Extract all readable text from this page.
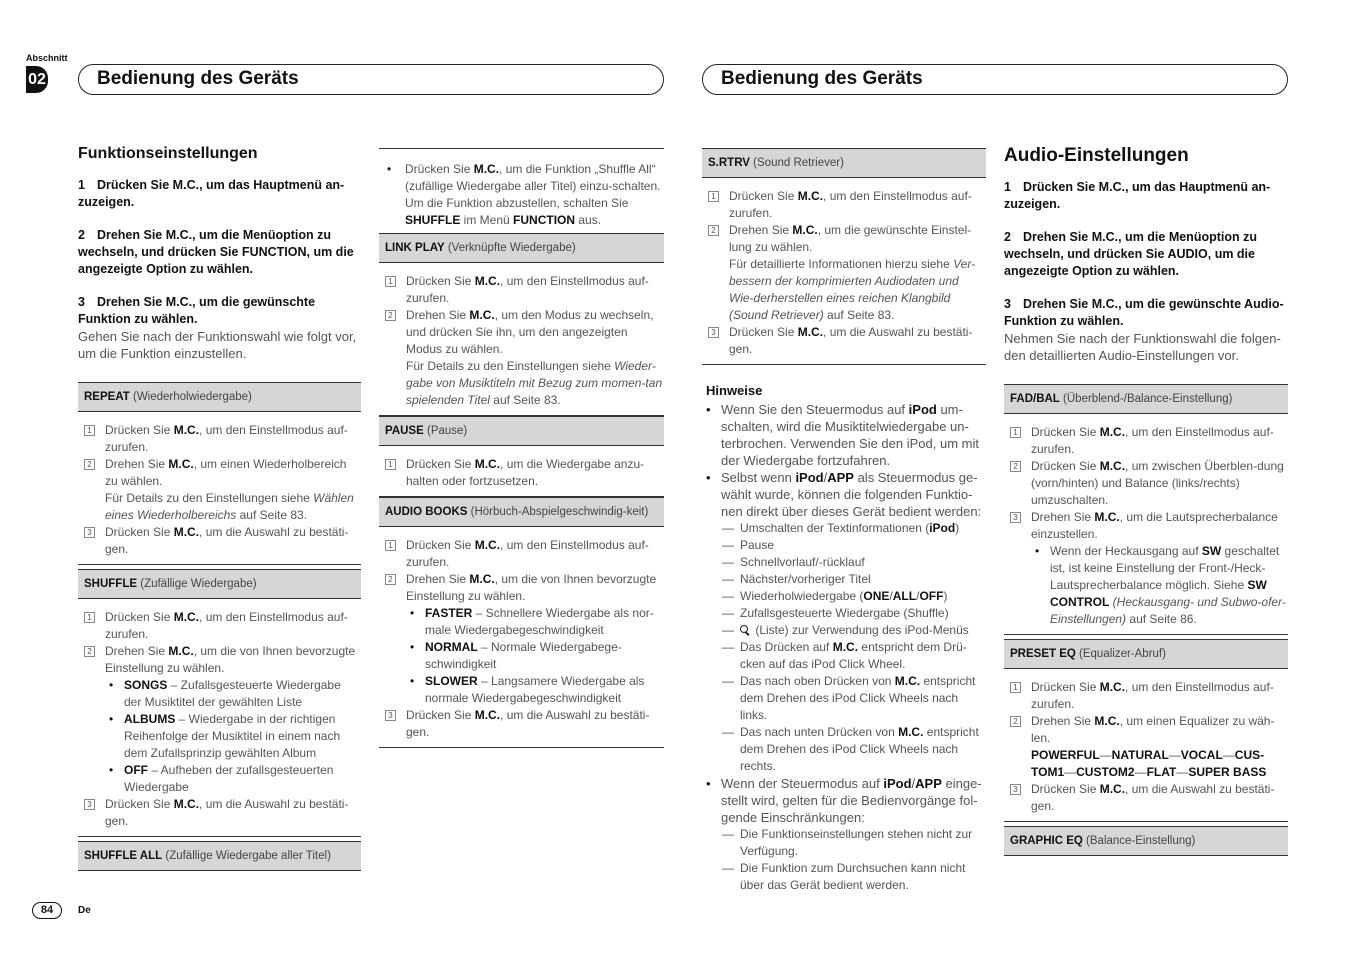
Abschnitt
02	Bedienung des Geräts	Bedienung des Geräts
Funktionseinstellungen
1 Drücken Sie M.C., um das Hauptmenü an-zuzeigen.
2 Drehen Sie M.C., um die Menüoption zu wechseln, und drücken Sie FUNCTION, um die angezeigte Option zu wählen.
3 Drehen Sie M.C., um die gewünschte Funktion zu wählen.
Gehen Sie nach der Funktionswahl wie folgt vor, um die Funktion einzustellen.
REPEAT (Wiederholwiedergabe)
1 Drücken Sie M.C., um den Einstellmodus auf-zurufen.
2 Drehen Sie M.C., um einen Wiederholbereich zu wählen.
Für Details zu den Einstellungen siehe Wählen eines Wiederholbereichs auf Seite 83.
3 Drücken Sie M.C., um die Auswahl zu bestäti-gen.
SHUFFLE (Zufällige Wiedergabe)
1 Drücken Sie M.C., um den Einstellmodus auf-zurufen.
2 Drehen Sie M.C., um die von Ihnen bevorzugte Einstellung zu wählen.
• SONGS – Zufallsgesteuerte Wiedergabe der Musiktitel der gewählten Liste
• ALBUMS – Wiedergabe in der richtigen Reihenfolge der Musiktitel in einem nach dem Zufallsprinzip gewählten Album
• OFF – Aufheben der zufallsgesteuerten Wiedergabe
3 Drücken Sie M.C., um die Auswahl zu bestäti-gen.
SHUFFLE ALL (Zufällige Wiedergabe aller Titel)
•	Drücken Sie M.C., um die Funktion „Shuffle All“ (zufällige Wiedergabe aller Titel) einzu-schalten.
Um die Funktion abzustellen, schalten Sie SHUFFLE im Menü FUNCTION aus.
LINK PLAY (Verknüpfte Wiedergabe)
1 Drücken Sie M.C., um den Einstellmodus auf-zurufen.
2 Drehen Sie M.C., um den Modus zu wechseln, und drücken Sie ihn, um den angezeigten Modus zu wählen.
Für Details zu den Einstellungen siehe Wieder-gabe von Musiktiteln mit Bezug zum momen-tan spielenden Titel auf Seite 83.
PAUSE (Pause)
1 Drücken Sie M.C., um die Wiedergabe anzu-halten oder fortzusetzen.
AUDIO BOOKS (Hörbuch-Abspielgeschwindig-keit)
1 Drücken Sie M.C., um den Einstellmodus auf-zurufen.
2 Drehen Sie M.C., um die von Ihnen bevorzugte Einstellung zu wählen.
• FASTER – Schnellere Wiedergabe als nor-male Wiedergabegeschwindigkeit
• NORMAL – Normale Wiedergabege-schwindigkeit
• SLOWER – Langsamere Wiedergabe als normale Wiedergabegeschwindigkeit
3 Drücken Sie M.C., um die Auswahl zu bestäti-gen.
S.RTRV (Sound Retriever)
1 Drücken Sie M.C., um den Einstellmodus auf-zurufen.
2 Drehen Sie M.C., um die gewünschte Einstel-lung zu wählen.
Für detaillierte Informationen hierzu siehe Ver-bessern der komprimierten Audiodaten und Wie-derherstellen eines reichen Klangbild (Sound Retriever) auf Seite 83.
3 Drücken Sie M.C., um die Auswahl zu bestäti-gen.
Hinweise
• Wenn Sie den Steuermodus auf iPod um-schalten, wird die Musiktitelwiedergabe un-terbrochen. Verwenden Sie den iPod, um mit der Wiedergabe fortzufahren.
• Selbst wenn iPod/APP als Steuermodus ge-wählt wurde, können die folgenden Funktio-nen direkt über dieses Gerät bedient werden:
— Umschalten der Textinformationen (iPod)
— Pause
— Schnellvorlauf/-rücklauf
— Nächster/vorheriger Titel
— Wiederholwiedergabe (ONE/ALL/OFF)
— Zufallsgesteuerte Wiedergabe (Shuffle)
—	(Liste) zur Verwendung des iPod-Menüs
— Das Drücken auf M.C. entspricht dem Drü-cken auf das iPod Click Wheel.
— Das nach oben Drücken von M.C. entspricht dem Drehen des iPod Click Wheels nach links.
— Das nach unten Drücken von M.C. entspricht dem Drehen des iPod Click Wheels nach rechts.
• Wenn der Steuermodus auf iPod/APP einge-stellt wird, gelten für die Bedienvorgänge fol-gende Einschränkungen:
— Die Funktionseinstellungen stehen nicht zur Verfügung.
— Die Funktion zum Durchsuchen kann nicht über das Gerät bedient werden.
Audio-Einstellungen
1 Drücken Sie M.C., um das Hauptmenü an-zuzeigen.
2 Drehen Sie M.C., um die Menüoption zu wechseln, und drücken Sie AUDIO, um die angezeigte Option zu wählen.
3 Drehen Sie M.C., um die gewünschte Audio-Funktion zu wählen.
Nehmen Sie nach der Funktionswahl die folgen-den detaillierten Audio-Einstellungen vor.
FAD/BAL (Überblend-/Balance-Einstellung)
1 Drücken Sie M.C., um den Einstellmodus auf-zurufen.
2 Drücken Sie M.C., um zwischen Überblen-dung (vorn/hinten) und Balance (links/rechts) umzuschalten.
3 Drehen Sie M.C., um die Lautsprecherbalance einzustellen.
• Wenn der Heckausgang auf SW geschaltet ist, ist keine Einstellung der Front-/Heck-Lautsprecherbalance möglich. Siehe SW CONTROL (Heckausgang- und Subwo-ofer-Einstellungen) auf Seite 86.
PRESET EQ (Equalizer-Abruf)
1 Drücken Sie M.C., um den Einstellmodus auf-zurufen.
2 Drehen Sie M.C., um einen Equalizer zu wäh-len.
POWERFUL—NATURAL—VOCAL—CUS-TOM1—CUSTOM2—FLAT—SUPER BASS
3 Drücken Sie M.C., um die Auswahl zu bestäti-gen.
GRAPHIC EQ (Balance-Einstellung)
84	De
